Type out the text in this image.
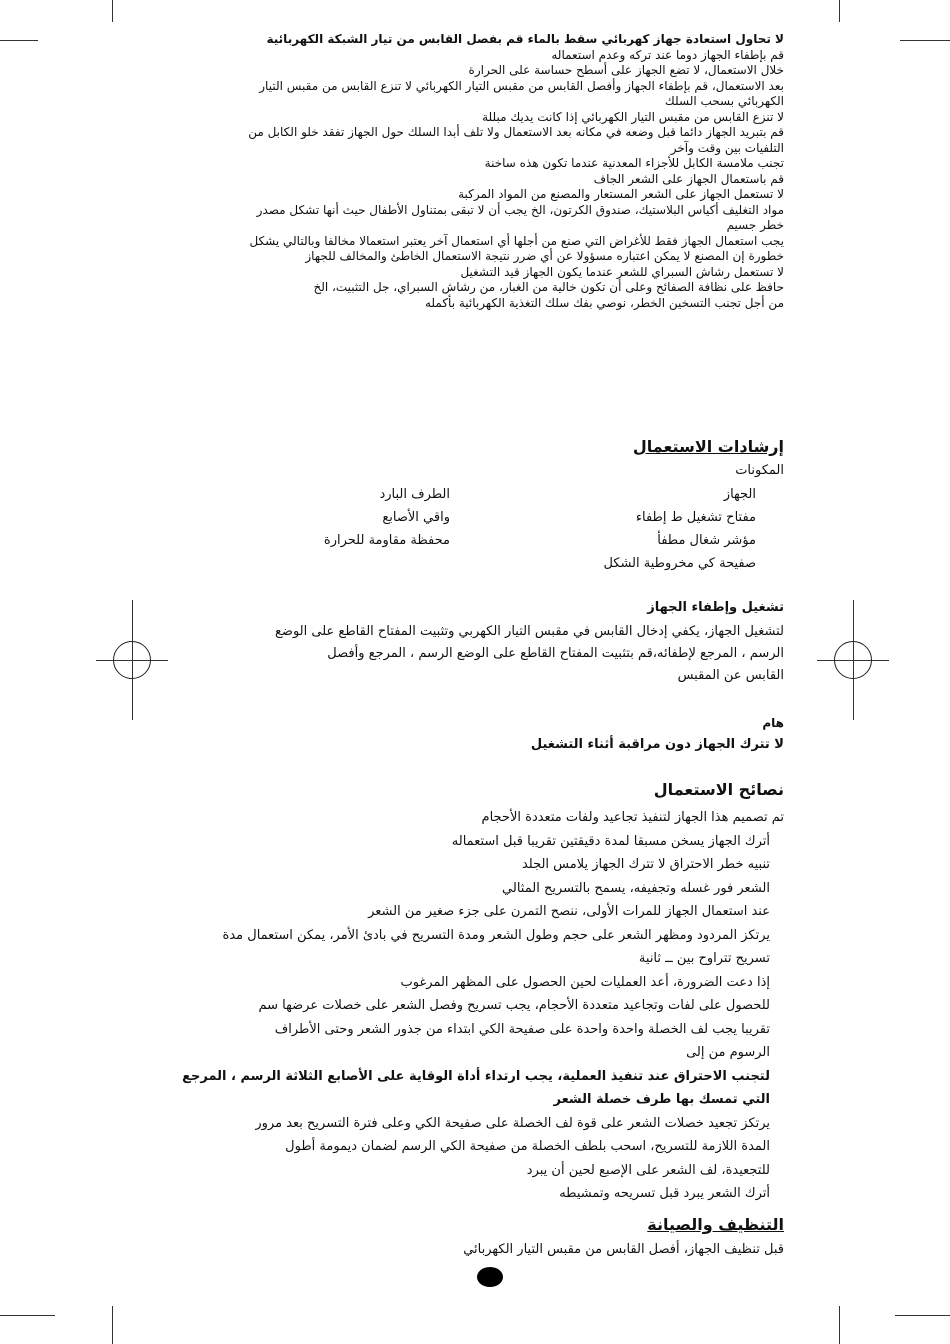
لا تحاول استعادة جهاز كهربائي سقط بالماء قم بفصل القابس من تيار الشبكة الكهربائية
قم بإطفاء الجهاز دوما عند تركه وعدم استعماله
خلال الاستعمال، لا تضع الجهاز على أسطح حساسة على الحرارة
بعد الاستعمال، قم بإطفاء الجهاز وأفصل القابس من مقبس التيار الكهربائي لا تنزع القابس من مقبس التيار
الكهربائي بسحب السلك
لا تنزع القابس من مقبس التيار الكهربائي إذا كانت يديك مبللة
قم بتبريد الجهاز دائما قبل وضعه في مكانه بعد الاستعمال ولا تلف أبدا السلك حول الجهاز تفقد خلو الكابل من
التلفيات بين وقت وآخر
تجنب ملامسة الكابل للأجزاء المعدنية عندما تكون هذه ساخنة
قم باستعمال الجهاز على الشعر الجاف
لا تستعمل الجهاز على الشعر المستعار والمصنع من المواد المركبة
مواد التغليف أكياس البلاستيك، صندوق الكرتون، الخ يجب أن لا تبقى بمتناول الأطفال حيث أنها تشكل مصدر
خطر جسيم
يجب استعمال الجهاز فقط للأغراض التي صنع من أجلها أي استعمال آخر يعتبر استعمالا مخالفا وبالتالي يشكل
خطورة إن المصنع لا يمكن اعتباره مسؤولا عن أي ضرر نتيجة الاستعمال الخاطئ والمخالف للجهاز
لا تستعمل رشاش السبراي للشعر عندما يكون الجهاز قيد التشغيل
حافظ على نظافة الصفائح وعلى أن تكون خالية من الغبار، من رشاش السبراي، جل التثبيت، الخ
من أجل تجنب التسخين الخطر، نوصي بفك سلك التغذية الكهربائية بأكمله
إرشادات الاستعمال
المكونات
الجهاز
مفتاح تشغيل ط إطفاء
مؤشر شغال مطفأ
صفيحة كي مخروطية الشكل
الطرف البارد
واقي الأصابع
محفظة مقاومة للحرارة
تشغيل وإطفاء الجهاز
لتشغيل الجهاز، يكفي إدخال القابس في مقبس التيار الكهربي وتثبيت المفتاح القاطع على الوضع
الرسم ، المرجع لإطفائه،قم بتثبيت المفتاح القاطع على الوضع الرسم ، المرجع وأفصل
القابس عن المقبس
هام
لا تترك الجهاز دون مراقبة أثناء التشغيل
نصائح الاستعمال
تم تصميم هذا الجهاز لتنفيذ تجاعيد ولفات متعددة الأحجام
أترك الجهاز يسخن مسبقا لمدة دقيقتين تقريبا قبل استعماله
تنبيه خطر الاحتراق لا تترك الجهاز يلامس الجلد
الشعر فور غسله وتجفيفه، يسمح بالتسريح المثالي
عند استعمال الجهاز للمرات الأولى، ننصح التمرن على جزء صغير من الشعر
يرتكز المردود ومظهر الشعر على حجم وطول الشعر ومدة التسريح في بادئ الأمر، يمكن استعمال مدة
تسريح تتراوح بين ــ ثانية
إذا دعت الضرورة، أعد العمليات لحين الحصول على المظهر المرغوب
للحصول على لفات وتجاعيد متعددة الأحجام، يجب تسريح وفصل الشعر على خصلات عرضها سم
تقريبا يجب لف الخصلة واحدة واحدة على صفيحة الكي ابتداء من جذور الشعر وحتى الأطراف
الرسوم من إلى
لتجنب الاحتراق عند تنفيذ العملية، يجب ارتداء أداة الوقاية على الأصابع الثلاثة الرسم ، المرجع
التي تمسك بها طرف خصلة الشعر
يرتكز تجعيد خصلات الشعر على قوة لف الخصلة على صفيحة الكي وعلى فترة التسريح بعد مرور
المدة اللازمة للتسريح، اسحب بلطف الخصلة من صفيحة الكي الرسم لضمان ديمومة أطول
للتجعيدة، لف الشعر على الإصبع لحين أن يبرد
أترك الشعر يبرد قبل تسريحه وتمشيطه
التنظيف والصيانة
قبل تنظيف الجهاز، أفصل القابس من مقبس التيار الكهربائي
